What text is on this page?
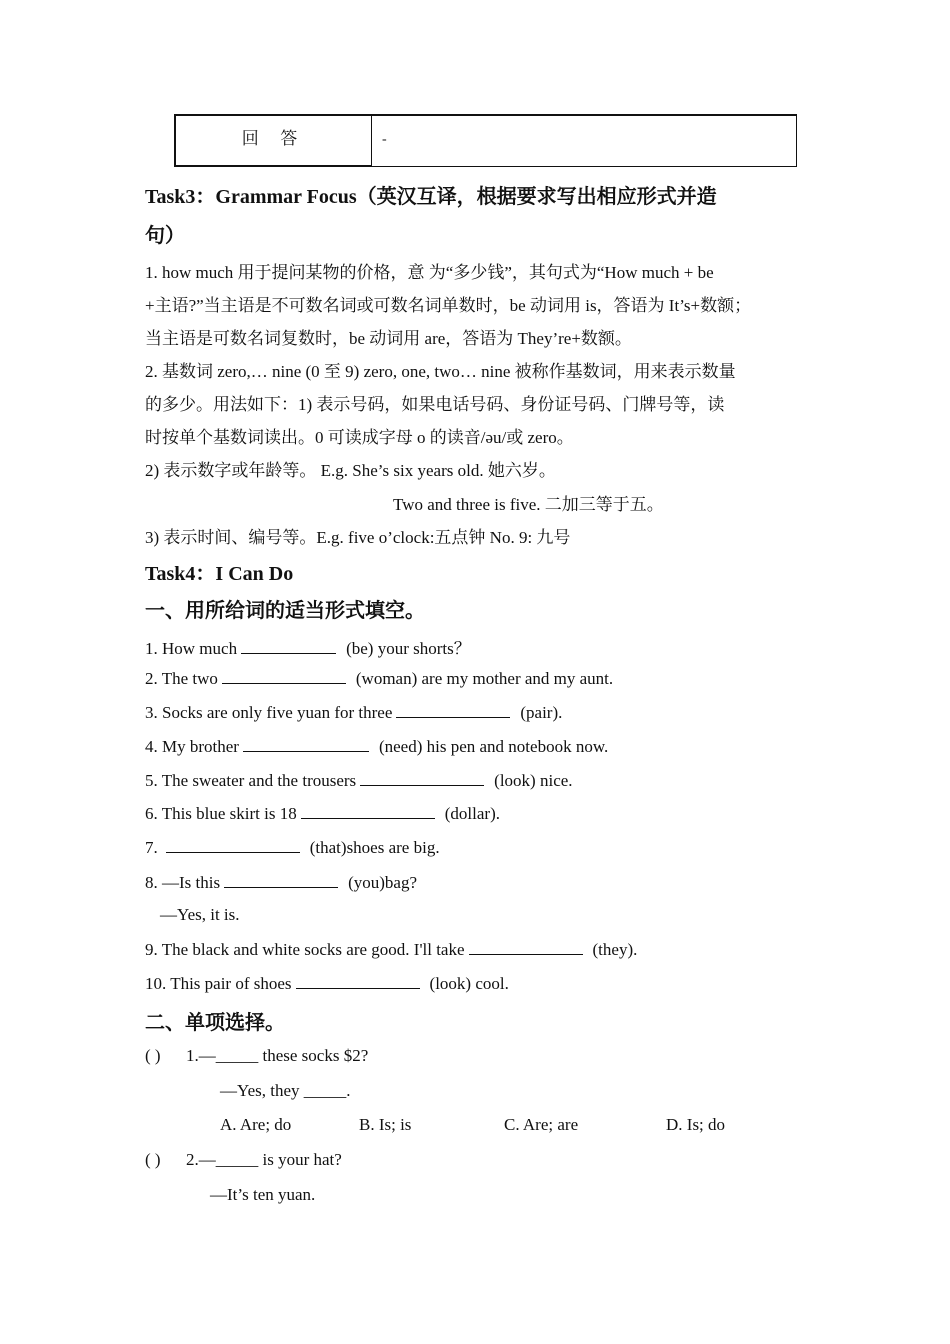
回 答	-
Task3：Grammar Focus（英汉互译，根据要求写出相应形式并造
句）
1. how much 用于提问某物的价格，意 为“多少钱”，其句式为“How much + be
+主语?”当主语是不可数名词或可数名词单数时，be 动词用 is，答语为 It’s+数额；
当主语是可数名词复数时，be 动词用 are，答语为 They’re+数额。
2. 基数词 zero,… nine (0 至 9) zero, one, two… nine 被称作基数词，用来表示数量
的多少。用法如下：1) 表示号码，如果电话号码、身份证号码、门牌号等，读
时按单个基数词读出。0 可读成字母 o 的读音/əu/或 zero。
2) 表示数字或年龄等。 E.g. She’s six years old. 她六岁。
Two and three is five. 二加三等于五。
3) 表示时间、编号等。E.g. five o’clock:五点钟 No. 9: 九号
Task4：I Can Do
一、用所给词的适当形式填空。
1. How much	(be) your shorts？
2. The two	(woman) are my mother and my aunt.
3. Socks are only five yuan for three	(pair).
4. My brother	(need) his pen and notebook now.
5. The sweater and the trousers	(look) nice.
6. This blue skirt is 18	(dollar).
7.	(that)shoes are big.
8. —Is this	(you)bag?
—Yes, it is.
9. The black and white socks are good. I'll take	(they).
10. This pair of shoes	(look) cool.
二、单项选择。
( ) 1.—_____ these socks $2?
—Yes, they _____.
A. Are; do	B. Is; is	C. Are; are	D. Is; do
( ) 2.—_____ is your hat?
—It’s ten yuan.
